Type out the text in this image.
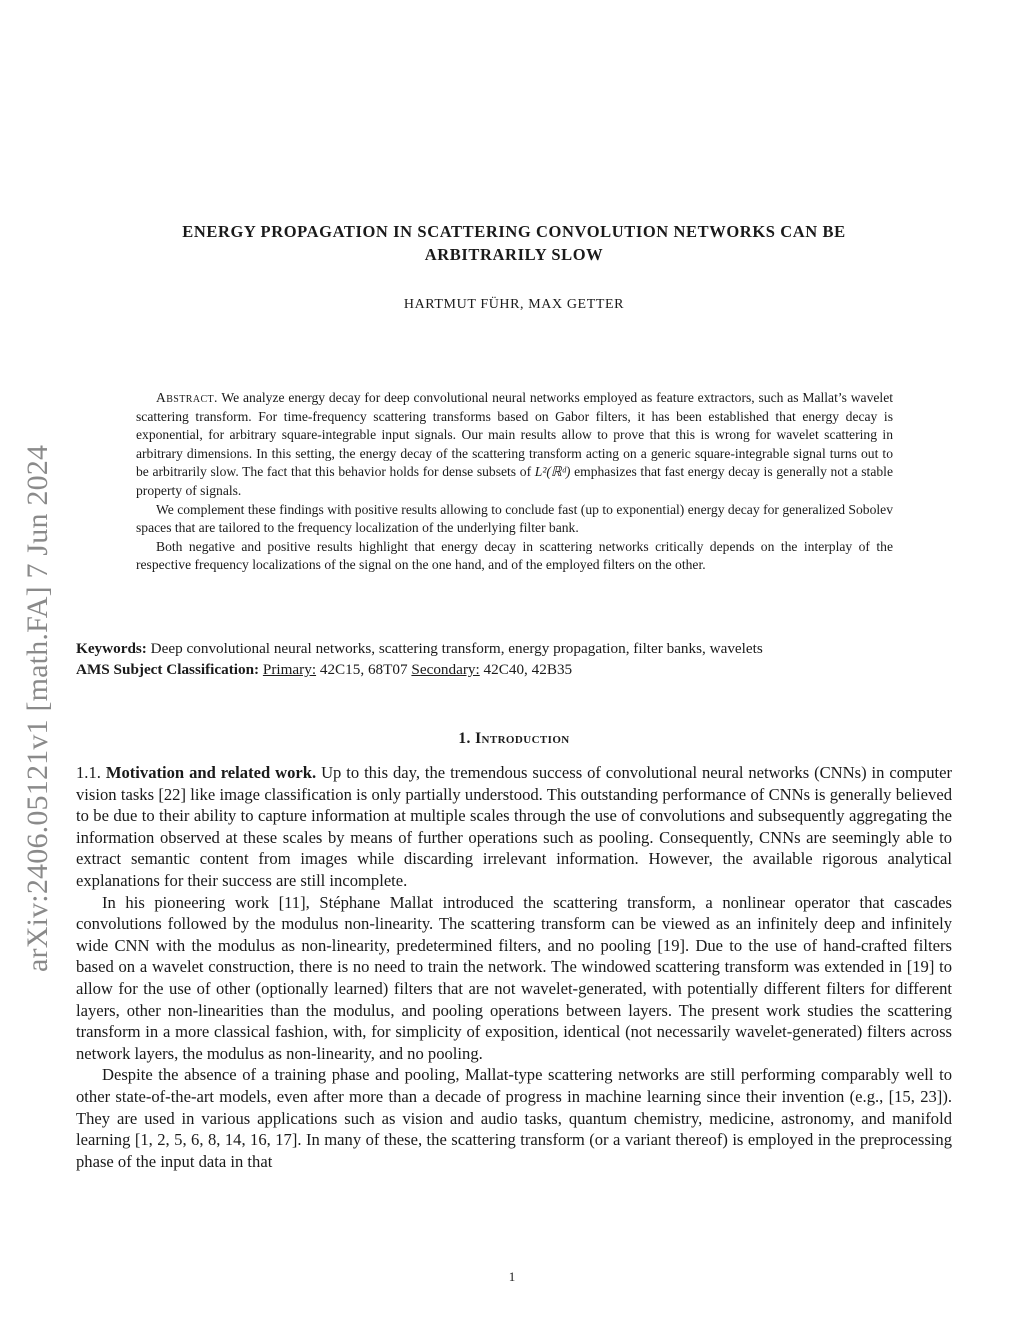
arXiv:2406.05121v1 [math.FA] 7 Jun 2024
ENERGY PROPAGATION IN SCATTERING CONVOLUTION NETWORKS CAN BE
ARBITRARILY SLOW

HARTMUT FÜHR, MAX GETTER

Abstract. We analyze energy decay for deep convolutional neural networks employed as feature extractors, such as Mallat’s wavelet scattering transform. For time-frequency scattering transforms based on Gabor filters, it has been established that energy decay is exponential, for arbitrary square-integrable input signals. Our main results allow to prove that this is wrong for wavelet scattering in arbitrary dimensions. In this setting, the energy decay of the scattering transform acting on a generic square-integrable signal turns out to be arbitrarily slow. The fact that this behavior holds for dense subsets of L²(ℝᵈ) emphasizes that fast energy decay is generally not a stable property of signals.

We complement these findings with positive results allowing to conclude fast (up to exponential) energy decay for generalized Sobolev spaces that are tailored to the frequency localization of the underlying filter bank.

Both negative and positive results highlight that energy decay in scattering networks critically depends on the interplay of the respective frequency localizations of the signal on the one hand, and of the employed filters on the other.

Keywords: Deep convolutional neural networks, scattering transform, energy propagation, filter banks, wavelets

AMS Subject Classification: Primary: 42C15, 68T07 Secondary: 42C40, 42B35

1. Introduction

1.1. Motivation and related work. Up to this day, the tremendous success of convolutional neural networks (CNNs) in computer vision tasks [22] like image classification is only partially understood. This outstanding performance of CNNs is generally believed to be due to their ability to capture information at multiple scales through the use of convolutions and subsequently aggregating the information observed at these scales by means of further operations such as pooling. Consequently, CNNs are seemingly able to extract semantic content from images while discarding irrelevant information. However, the available rigorous analytical explanations for their success are still incomplete.

In his pioneering work [11], Stéphane Mallat introduced the scattering transform, a nonlinear operator that cascades convolutions followed by the modulus non-linearity. The scattering transform can be viewed as an infinitely deep and infinitely wide CNN with the modulus as non-linearity, predetermined filters, and no pooling [19]. Due to the use of hand-crafted filters based on a wavelet construction, there is no need to train the network. The windowed scattering transform was extended in [19] to allow for the use of other (optionally learned) filters that are not wavelet-generated, with potentially different filters for different layers, other non-linearities than the modulus, and pooling operations between layers. The present work studies the scattering transform in a more classical fashion, with, for simplicity of exposition, identical (not necessarily wavelet-generated) filters across network layers, the modulus as non-linearity, and no pooling.

Despite the absence of a training phase and pooling, Mallat-type scattering networks are still performing comparably well to other state-of-the-art models, even after more than a decade of progress in machine learning since their invention (e.g., [15, 23]). They are used in various applications such as vision and audio tasks, quantum chemistry, medicine, astronomy, and manifold learning [1, 2, 5, 6, 8, 14, 16, 17]. In many of these, the scattering transform (or a variant thereof) is employed in the preprocessing phase of the input data in that

1
